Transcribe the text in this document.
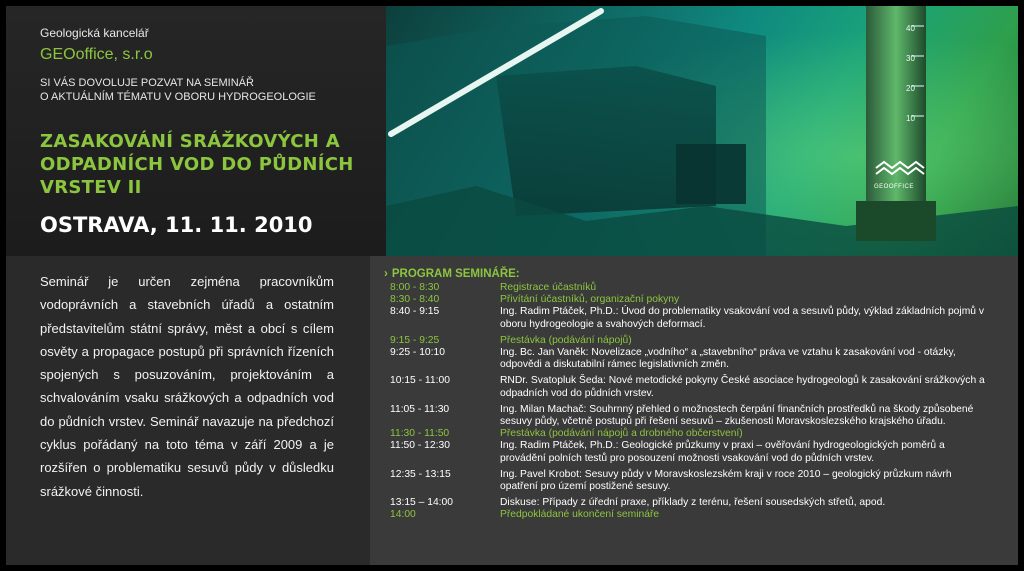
Geologická kancelář
GEOoffice, s.r.o
SI VÁS DOVOLUJE POZVAT NA SEMINÁŘ
O AKTUÁLNÍM TÉMATU V OBORU HYDROGEOLOGIE
ZASAKOVÁNÍ SRÁŽKOVÝCH A ODPADNÍCH VOD DO PŮDNÍCH VRSTEV II
OSTRAVA, 11. 11. 2010
40
30
20
10
GEOOFFICE
Seminář je určen zejména pracovníkům vodoprávních a stavebních úřadů a ostatním představitelům státní správy, měst a obcí s cílem osvěty a propagace postupů při správních řízeních spojených s posuzováním, projektováním a schvalováním vsaku srážkových a odpadních vod do půdních vrstev. Seminář navazuje na předchozí cyklus pořádaný na toto téma v září 2009 a je rozšířen o problematiku sesuvů půdy v důsledku srážkové činnosti.
› PROGRAM SEMINÁŘE:
8:00 - 8:30	Registrace účastníků
8:30 - 8:40	Přivítání účastníků, organizační pokyny
8:40 - 9:15	Ing. Radim Ptáček, Ph.D.: Úvod do problematiky vsakování vod a sesuvů půdy, výklad základních pojmů v oboru hydrogeologie a svahových deformací.
9:15 - 9:25	Přestávka (podávání nápojů)
9:25 - 10:10	Ing. Bc. Jan Vaněk: Novelizace „vodního“ a „stavebního“ práva ve vztahu k zasakování vod - otázky, odpovědi a diskutabilní rámec legislativních změn.
10:15 - 11:00	RNDr. Svatopluk Šeda: Nové metodické pokyny České asociace hydrogeologů k zasakování srážkových a odpadních vod do půdních vrstev.
11:05 - 11:30	Ing. Milan Machač: Souhrnný přehled o možnostech čerpání finančních prostředků na škody způsobené sesuvy půdy, včetně postupů při řešení sesuvů – zkušenosti Moravskoslezského krajského úřadu.
11:30 - 11:50	Přestávka (podávání nápojů a drobného občerstvení)
11:50 - 12:30	Ing. Radim Ptáček, Ph.D.: Geologické průzkumy v praxi – ověřování hydrogeologických poměrů a provádění polních testů pro posouzení možnosti vsakování vod do půdních vrstev.
12:35 - 13:15	Ing. Pavel Krobot: Sesuvy půdy v Moravskoslezském kraji v roce 2010 – geologický průzkum návrh opatření pro území postižené sesuvy.
13:15 – 14:00	Diskuse: Případy z úřední praxe, příklady z terénu, řešení sousedských střetů, apod.
14:00	Předpokládané ukončení semináře
